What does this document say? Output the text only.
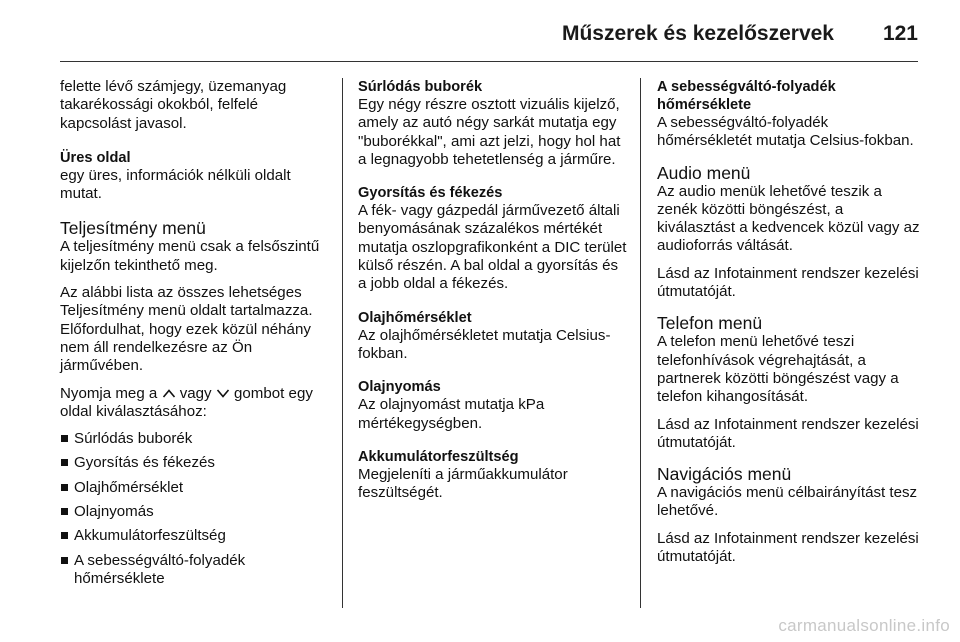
Műszerek és kezelőszervek 121

felette lévő számjegy, üzemanyag takarékossági okokból, felfelé kapcsolást javasol.

Üres oldal
egy üres, információk nélküli oldalt mutat.
Teljesítmény menü

A teljesítmény menü csak a felsőszintű kijelzőn tekinthető meg.

Az alábbi lista az összes lehetséges Teljesítmény menü oldalt tartalmazza. Előfordulhat, hogy ezek közül néhány nem áll rendelkezésre az Ön járművében.

Nyomja meg a vagy gombot egy oldal kiválasztásához:

Súrlódás buborék
Gyorsítás és fékezés
Olajhőmérséklet
Olajnyomás
Akkumulátorfeszültség
A sebességváltó-folyadék hőmérséklete
Súrlódás buborék
Egy négy részre osztott vizuális kijelző, amely az autó négy sarkát mutatja egy "buborékkal", ami azt jelzi, hogy hol hat a legnagyobb tehetetlenség a járműre.
Gyorsítás és fékezés
A fék- vagy gázpedál járművezető általi benyomásának százalékos mértékét mutatja oszlopgrafikonként a DIC terület külső részén. A bal oldal a gyorsítás és a jobb oldal a fékezés.
Olajhőmérséklet
Az olajhőmérsékletet mutatja Celsius-fokban.
Olajnyomás
Az olajnyomást mutatja kPa mértékegységben.
Akkumulátorfeszültség
Megjeleníti a járműakkumulátor feszültségét.
A sebességváltó-folyadék hőmérséklete
A sebességváltó-folyadék hőmérsékletét mutatja Celsius-fokban.
Audio menü

Az audio menük lehetővé teszik a zenék közötti böngészést, a kiválasztást a kedvencek közül vagy az audioforrás váltását.

Lásd az Infotainment rendszer kezelési útmutatóját.

Telefon menü

A telefon menü lehetővé teszi telefonhívások végrehajtását, a partnerek közötti böngészést vagy a telefon kihangosítását.

Lásd az Infotainment rendszer kezelési útmutatóját.

Navigációs menü

A navigációs menü célbairányítást tesz lehetővé.

Lásd az Infotainment rendszer kezelési útmutatóját.

carmanualsonline.info
